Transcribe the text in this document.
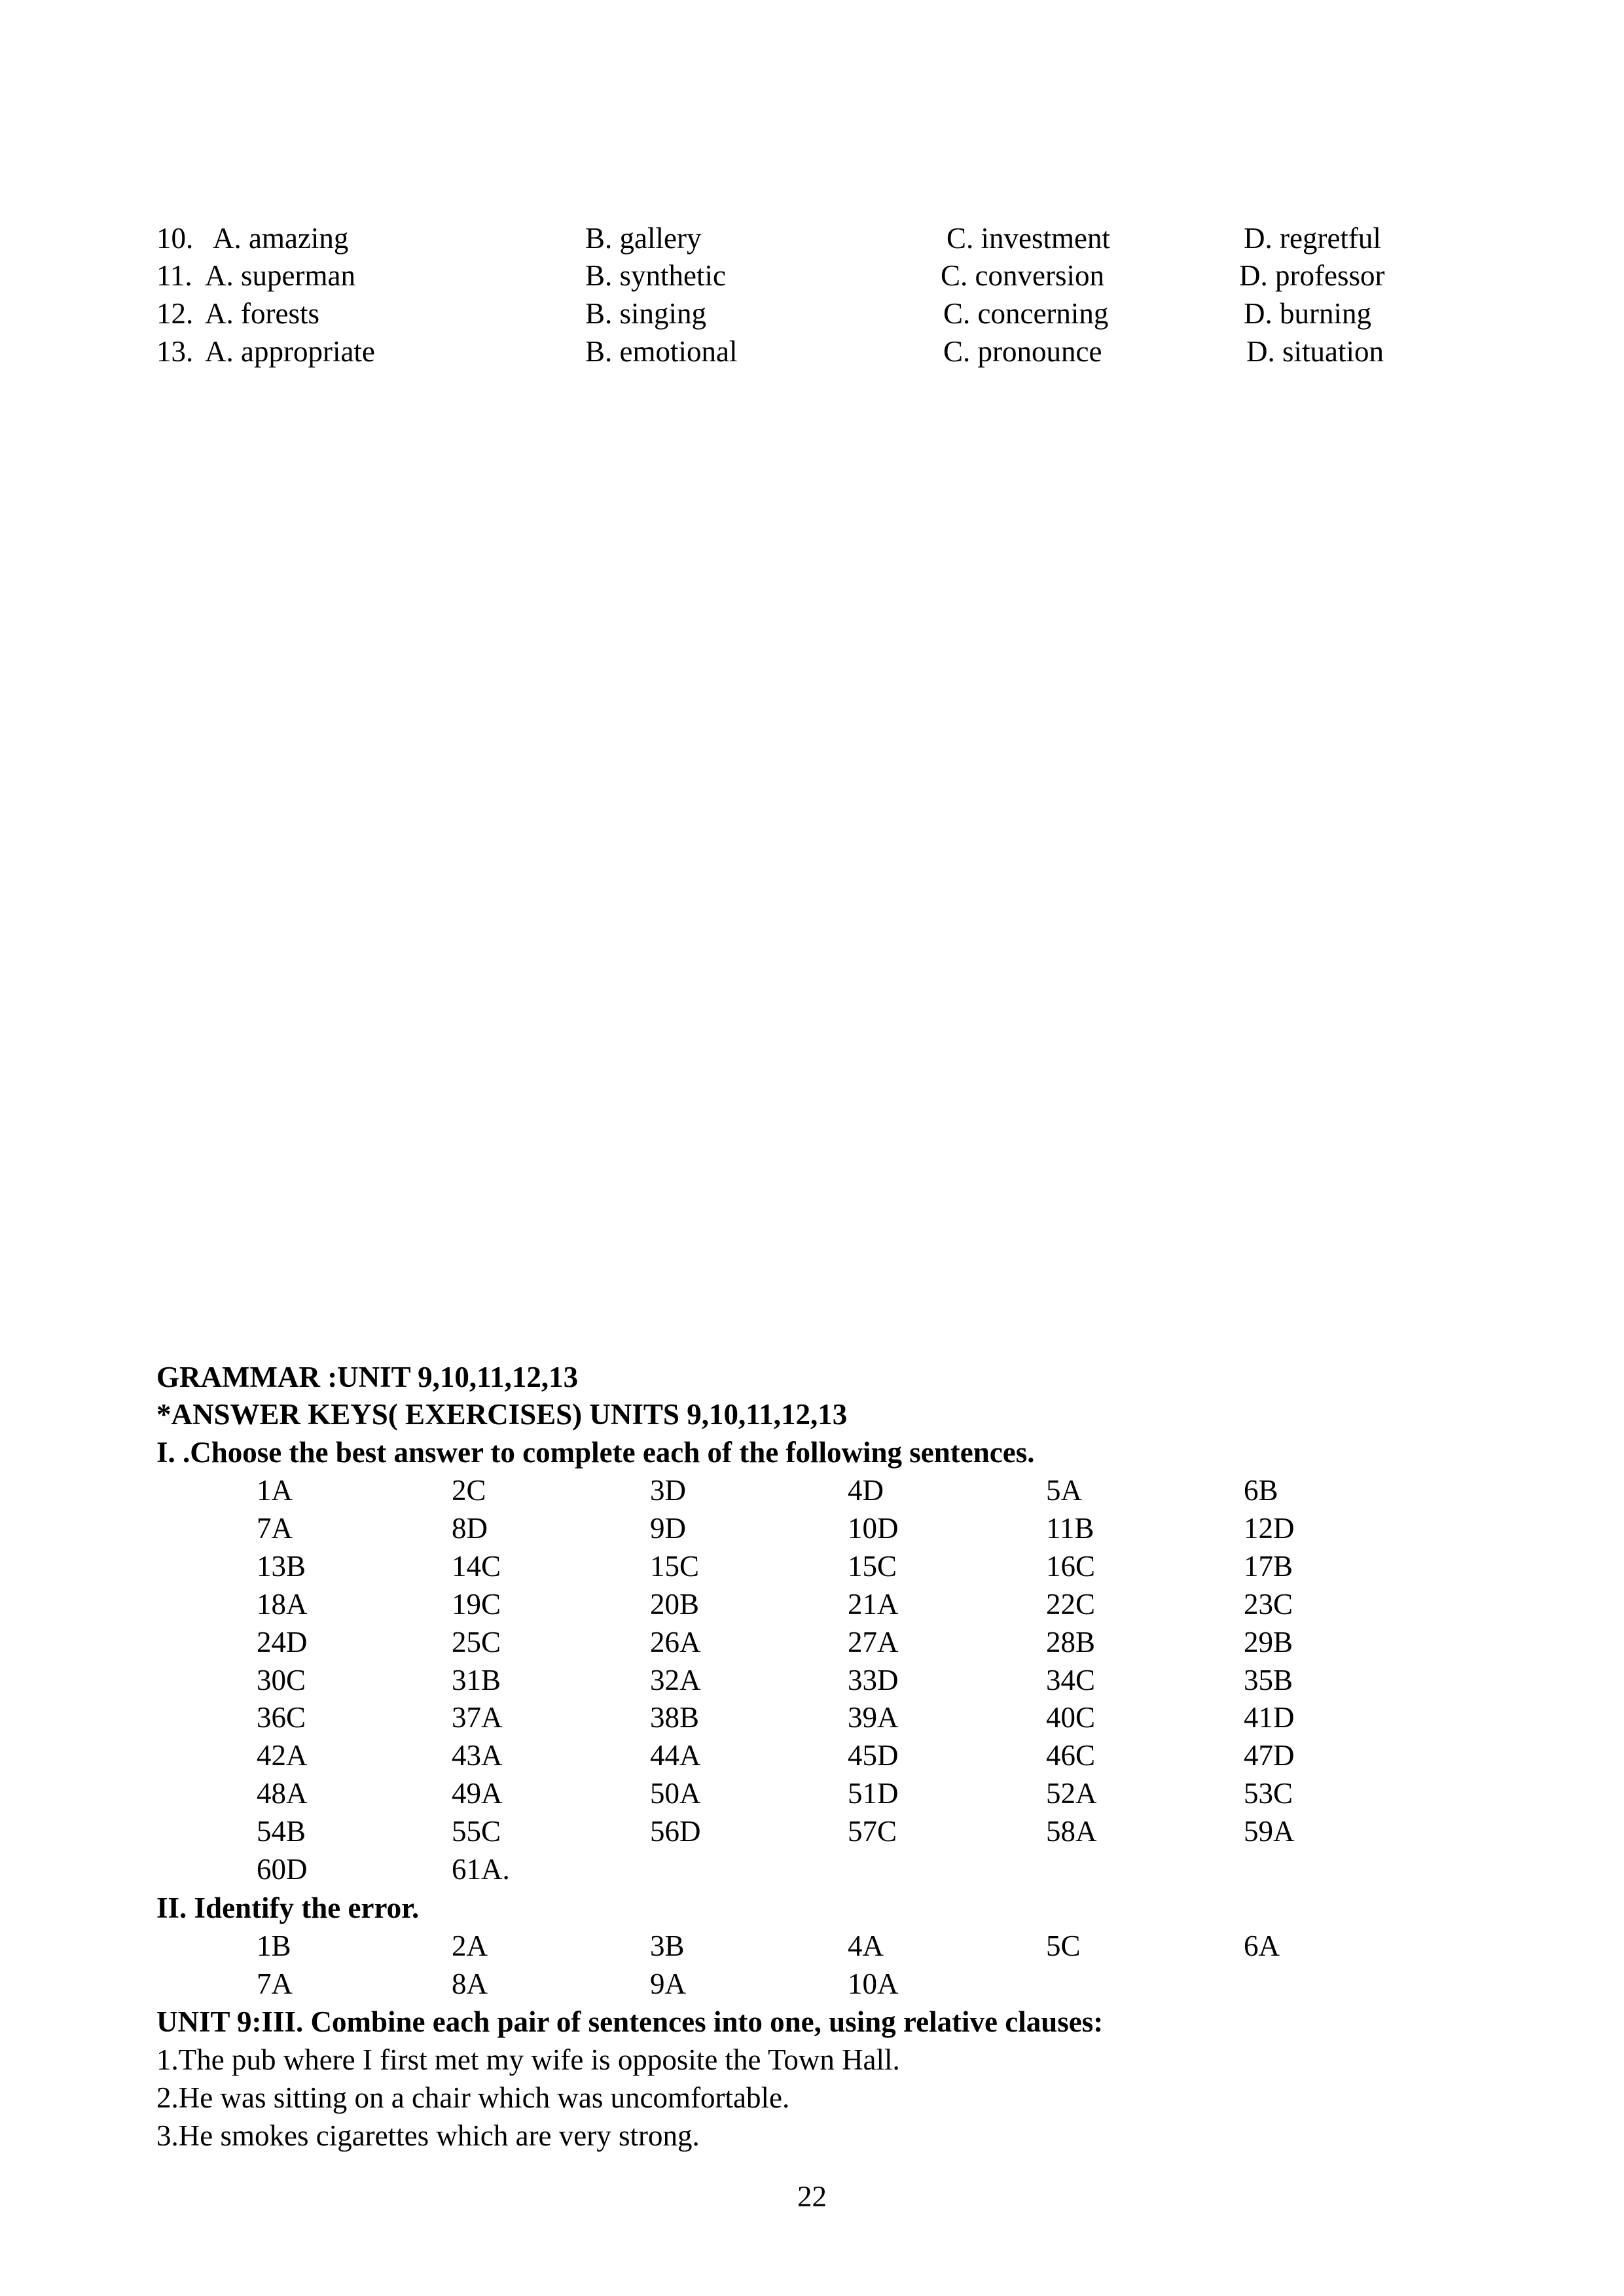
10. A. amazing	B. gallery	C. investment	D. regretful
11. A. superman	B. synthetic	C. conversion	D. professor
12. A. forests	B. singing	C. concerning	D. burning
13. A. appropriate	B. emotional	C. pronounce	D. situation
GRAMMAR :UNIT 9,10,11,12,13
*ANSWER KEYS( EXERCISES) UNITS 9,10,11,12,13
I. .Choose the best answer to complete each of the following sentences.
1A	2C	3D	4D	5A	6B
7A	8D	9D	10D	11B	12D
13B	14C	15C	15C	16C	17B
18A	19C	20B	21A	22C	23C
24D	25C	26A	27A	28B	29B
30C	31B	32A	33D	34C	35B
36C	37A	38B	39A	40C	41D
42A	43A	44A	45D	46C	47D
48A	49A	50A	51D	52A	53C
54B	55C	56D	57C	58A	59A
60D	61A.
II. Identify the error.
1B	2A	3B	4A	5C	6A
7A	8A	9A	10A
UNIT 9:III. Combine each pair of sentences into one, using relative clauses:
1.The pub where I first met my wife is opposite the Town Hall.
2.He was sitting on a chair which was uncomfortable.
3.He smokes cigarettes which are very strong.
22
